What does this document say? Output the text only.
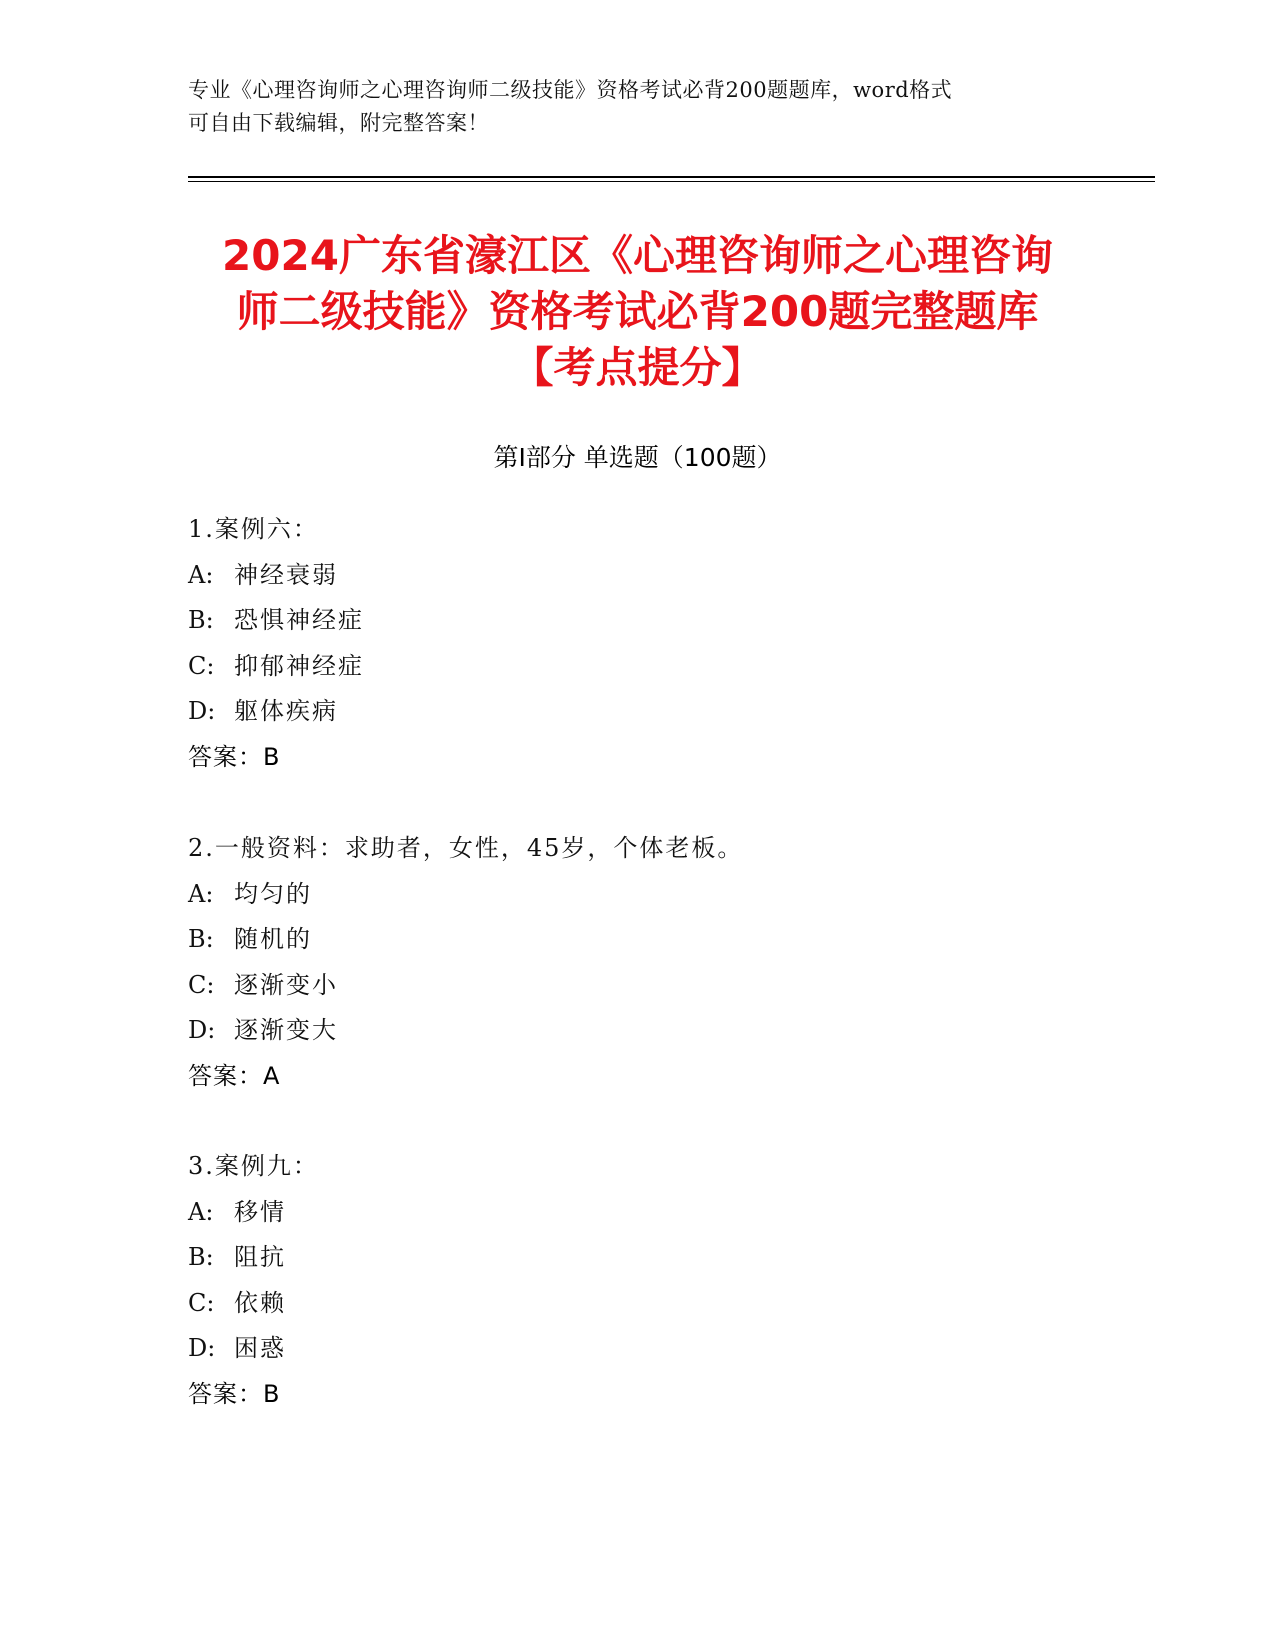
专业《心理咨询师之心理咨询师二级技能》资格考试必背200题题库，word格式
可自由下载编辑，附完整答案！
2024广东省濠江区《心理咨询师之心理咨询
师二级技能》资格考试必背200题完整题库
【考点提分】
第I部分 单选题（100题）
1.案例六：
A: 神经衰弱
B: 恐惧神经症
C: 抑郁神经症
D: 躯体疾病
答案：B
2.一般资料：求助者，女性，45岁，个体老板。
A: 均匀的
B: 随机的
C: 逐渐变小
D: 逐渐变大
答案：A
3.案例九：
A: 移情
B: 阻抗
C: 依赖
D: 困惑
答案：B
